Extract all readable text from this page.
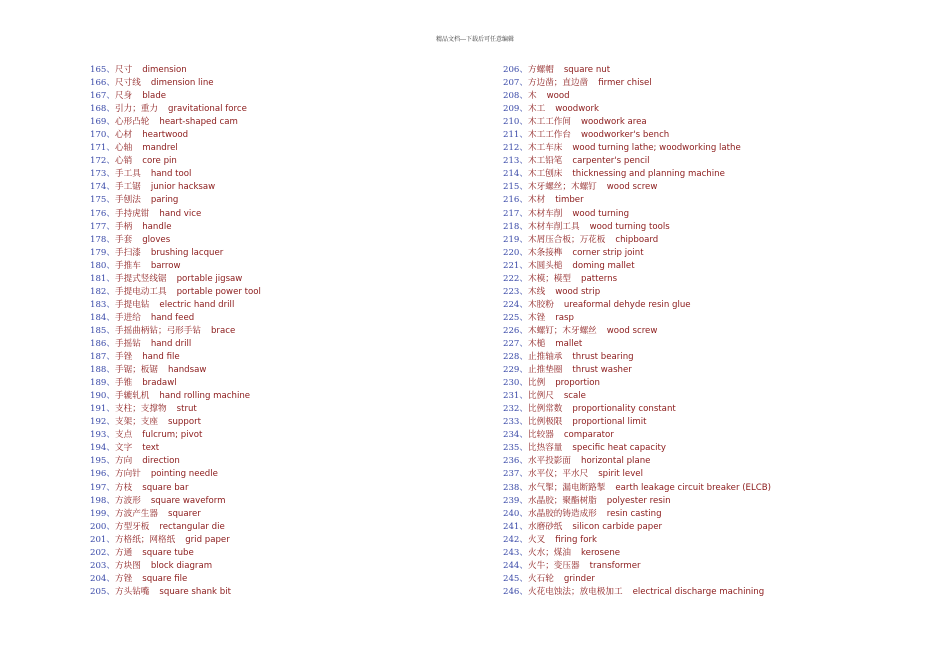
精品文档---下载后可任意编辑
165、尺寸 dimension
166、尺寸线 dimension line
167、尺身 blade
168、引力；重力 gravitational force
169、心形凸轮 heart-shaped cam
170、心材 heartwood
171、心轴 mandrel
172、心销 core pin
173、手工具 hand tool
174、手工锯 junior hacksaw
175、手刨法 paring
176、手持虎钳 hand vice
177、手柄 handle
178、手套 gloves
179、手扫漆 brushing lacquer
180、手推车 barrow
181、手提式竖线锯 portable jigsaw
182、手提电动工具 portable power tool
183、手提电钻 electric hand drill
184、手进给 hand feed
185、手摇曲柄钻；弓形手钻 brace
186、手摇钻 hand drill
187、手锉 hand file
188、手锯；板锯 handsaw
189、手锥 bradawl
190、手辘轧机 hand rolling machine
191、支柱；支撑物 strut
192、支架；支座 support
193、支点 fulcrum; pivot
194、文字 text
195、方向 direction
196、方向针 pointing needle
197、方枝 square bar
198、方波形 square waveform
199、方波产生器 squarer
200、方型牙板 rectangular die
201、方格纸；网格纸 grid paper
202、方通 square tube
203、方块图 block diagram
204、方锉 square file
205、方头钻嘴 square shank bit
206、方螺帽 square nut
207、方边凿；直边凿 firmer chisel
208、木 wood
209、木工 woodwork
210、木工工作间 woodwork area
211、木工工作台 woodworker's bench
212、木工车床 wood turning lathe; woodworking lathe
213、木工铅笔 carpenter's pencil
214、木工刨床 thicknessing and planning machine
215、木牙螺丝；木螺钉 wood screw
216、木材 timber
217、木材车削 wood turning
218、木材车削工具 wood turning tools
219、木屑压合板；万花板 chipboard
220、木条接榫 corner strip joint
221、木圆头槌 doming mallet
222、木模；模型 patterns
223、木线 wood strip
224、木胶粉 ureaformal dehyde resin glue
225、木锉 rasp
226、木螺钉；木牙螺丝 wood screw
227、木槌 mallet
228、止推轴承 thrust bearing
229、止推垫圈 thrust washer
230、比例 proportion
231、比例尺 scale
232、比例常数 proportionality constant
233、比例极限 proportional limit
234、比较器 comparator
235、比热容量 specific heat capacity
236、水平投影面 horizontal plane
237、水平仪；平水尺 spirit level
238、水气掣；漏电断路掣 earth leakage circuit breaker (ELCB)
239、水晶胶；聚酯树脂 polyester resin
240、水晶胶的铸造成形 resin casting
241、水磨砂纸 silicon carbide paper
242、火叉 firing fork
243、火水；煤油 kerosene
244、火牛；变压器 transformer
245、火石轮 grinder
246、火花电蚀法；放电极加工 electrical discharge machining
